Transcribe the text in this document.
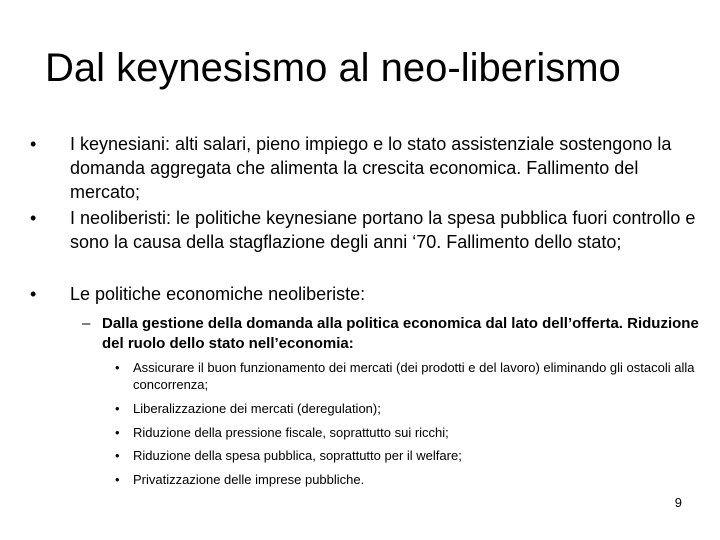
Dal keynesismo al neo-liberismo
• I keynesiani: alti salari, pieno impiego e lo stato assistenziale sostengono la domanda aggregata che alimenta la crescita economica. Fallimento del mercato;
• I neoliberisti: le politiche keynesiane portano la spesa pubblica fuori controllo e sono la causa della stagflazione degli anni ‘70. Fallimento dello stato;
• Le politiche economiche neoliberiste:
– Dalla gestione della domanda alla politica economica dal lato dell’offerta. Riduzione del ruolo dello stato nell’economia:
• Assicurare il buon funzionamento dei mercati (dei prodotti e del lavoro) eliminando gli ostacoli alla concorrenza;
• Liberalizzazione dei mercati (deregulation);
• Riduzione della pressione fiscale, soprattutto sui ricchi;
• Riduzione della spesa pubblica, soprattutto per il welfare;
• Privatizzazione delle imprese pubbliche.
9
